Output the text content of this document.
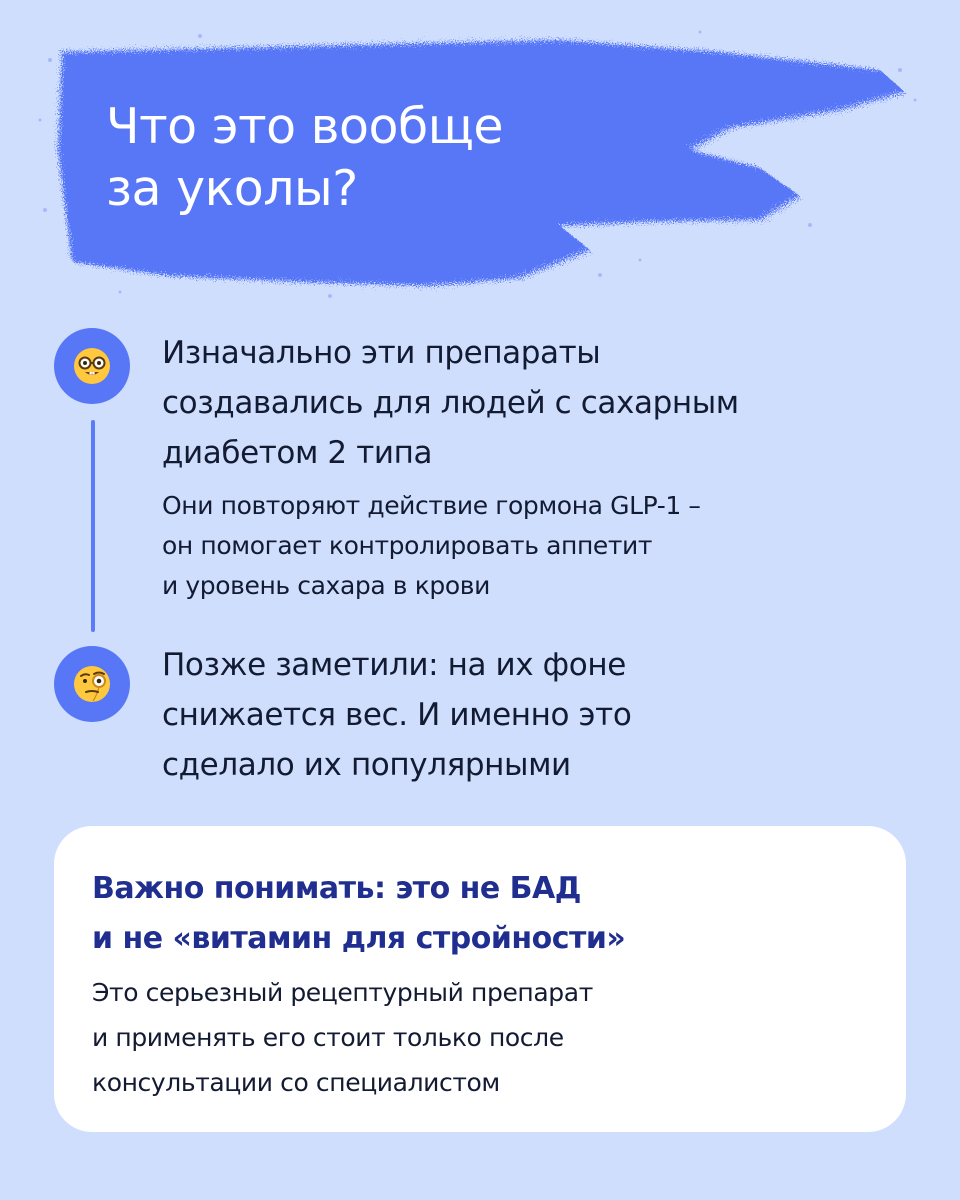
Что это вообще
за уколы?
Изначально эти препараты
создавались для людей с сахарным
диабетом 2 типа

Они повторяют действие гормона GLP-1 –
он помогает контролировать аппетит
и уровень сахара в крови

Позже заметили: на их фоне
снижается вес. И именно это
сделало их популярными
Важно понимать: это не БАД
и не «витамин для стройности»

Это серьезный рецептурный препарат
и применять его стоит только после
консультации со специалистом
